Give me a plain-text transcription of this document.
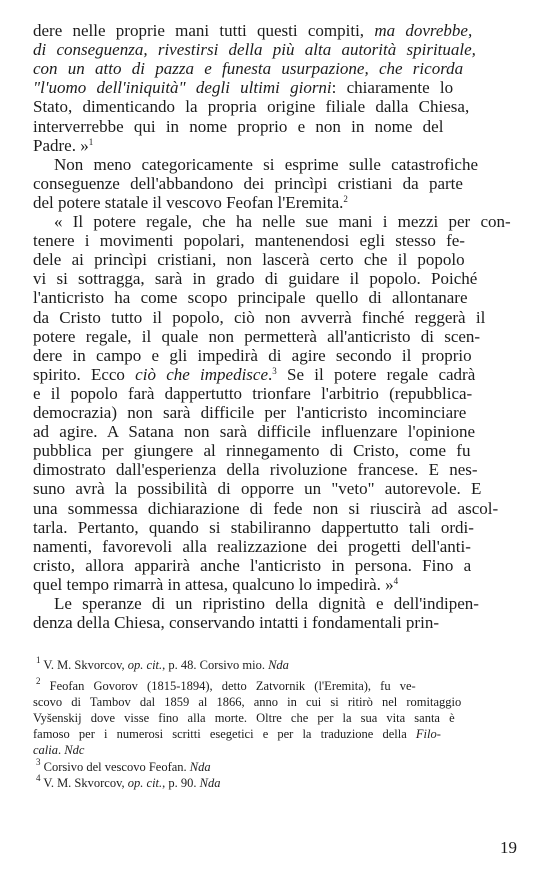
dere nelle proprie mani tutti questi compiti, ma dovrebbe,
di conseguenza, rivestirsi della più alta autorità spirituale,
con un atto di pazza e funesta usurpazione, che ricorda
"l'uomo dell'iniquità" degli ultimi giorni: chiaramente lo
Stato, dimenticando la propria origine filiale dalla Chiesa,
interverrebbe qui in nome proprio e non in nome del
Padre. »$^1$
Non meno categoricamente si esprime sulle catastrofiche
conseguenze dell'abbandono dei princìpi cristiani da parte
del potere statale il vescovo Feofan l'Eremita.$^2$
« Il potere regale, che ha nelle sue mani i mezzi per con-
tenere i movimenti popolari, mantenendosi egli stesso fe-
dele ai princìpi cristiani, non lascerà certo che il popolo
vi si sottragga, sarà in grado di guidare il popolo. Poiché
l'anticristo ha come scopo principale quello di allontanare
da Cristo tutto il popolo, ciò non avverrà finché reggerà il
potere regale, il quale non permetterà all'anticristo di scen-
dere in campo e gli impedirà di agire secondo il proprio
spirito. Ecco ciò che impedisce.$^3$ Se il potere regale cadrà
e il popolo farà dappertutto trionfare l'arbitrio (repubblica-
democrazia) non sarà difficile per l'anticristo incominciare
ad agire. A Satana non sarà difficile influenzare l'opinione
pubblica per giungere al rinnegamento di Cristo, come fu
dimostrato dall'esperienza della rivoluzione francese. E nes-
suno avrà la possibilità di opporre un "veto" autorevole. E
una sommessa dichiarazione di fede non si riuscirà ad ascol-
tarla. Pertanto, quando si stabiliranno dappertutto tali ordi-
namenti, favorevoli alla realizzazione dei progetti dell'anti-
cristo, allora apparirà anche l'anticristo in persona. Fino a
quel tempo rimarrà in attesa, qualcuno lo impedirà. »$^4$
Le speranze di un ripristino della dignità e dell'indipen-
denza della Chiesa, conservando intatti i fondamentali prin-
$^1$ V. M. Skvorcov, op. cit., p. 48. Corsivo mio. Nda
$^2$ Feofan Govorov (1815-1894), detto Zatvornik (l'Eremita), fu ve-
scovo di Tambov dal 1859 al 1866, anno in cui si ritirò nel romitaggio
Vyšenskij dove visse fino alla morte. Oltre che per la sua vita santa è
famoso per i numerosi scritti esegetici e per la traduzione della Filo-
calia. Ndc
$^3$ Corsivo del vescovo Feofan. Nda
$^4$ V. M. Skvorcov, op. cit., p. 90. Nda
19
